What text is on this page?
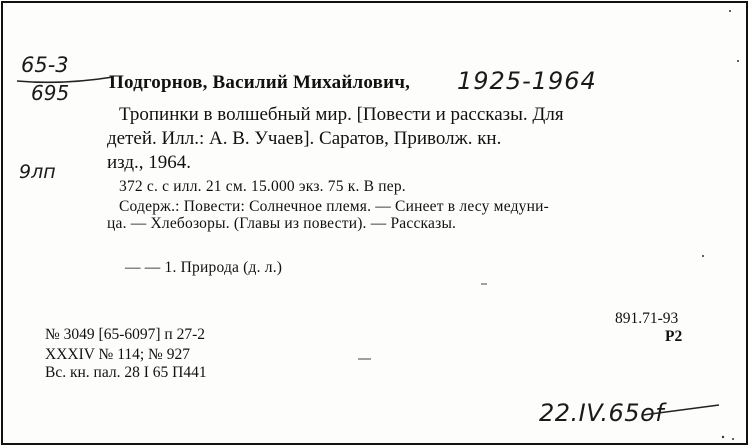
65-3
695 Подгорнов, Василий Михайлович, 1925-1964
Тропинки в волшебный мир. [Повести и рассказы. Для
детей. Илл.: А. В. Учаев]. Саратов, Приволж. кн.
изд., 1964.
9лп
372 с. с илл. 21 см. 15.000 экз. 75 к. В пер.
Содерж.: Повести: Солнечное племя. — Синеет в лесу медуни-
ца. — Хлебозоры. (Главы из повести). — Рассказы.
— — 1. Природа (д. л.)
891.71-93
Р2
№ 3049 [65-6097] п 27-2
XXXIV № 114; № 927
Вс. кн. пал. 28 I 65 П441
22.IV.65of
